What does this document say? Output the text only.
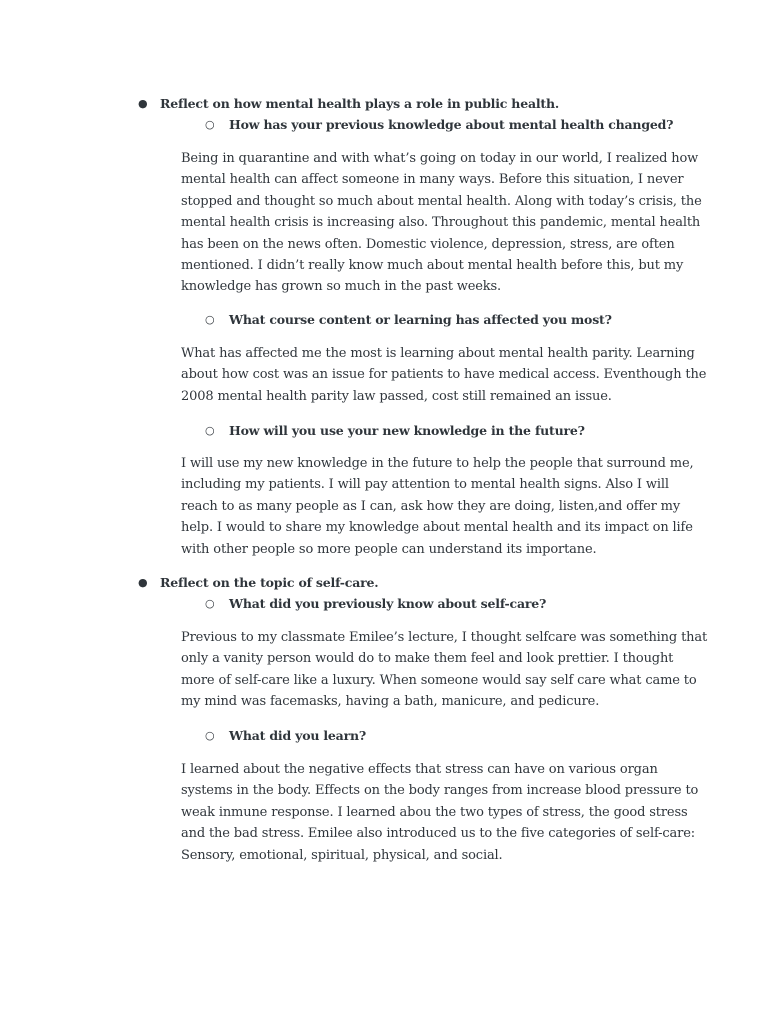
● Reflect on how mental health plays a role in public health.
○ How has your previous knowledge about mental health changed?
Being in quarantine and with what’s going on today in our world, I realized how
mental health can affect someone in many ways. Before this situation, I never
stopped and thought so much about mental health. Along with today’s crisis, the
mental health crisis is increasing also. Throughout this pandemic, mental health
has been on the news often. Domestic violence, depression, stress, are often
mentioned. I didn’t really know much about mental health before this, but my
knowledge has grown so much in the past weeks.
○ What course content or learning has affected you most?
What has affected me the most is learning about mental health parity. Learning
about how cost was an issue for patients to have medical access. Eventhough the
2008 mental health parity law passed, cost still remained an issue.
○ How will you use your new knowledge in the future?
I will use my new knowledge in the future to help the people that surround me,
including my patients. I will pay attention to mental health signs. Also I will
reach to as many people as I can, ask how they are doing, listen,and offer my
help. I would to share my knowledge about mental health and its impact on life
with other people so more people can understand its importane.
● Reflect on the topic of self-care.
○ What did you previously know about self-care?
Previous to my classmate Emilee’s lecture, I thought selfcare was something that
only a vanity person would do to make them feel and look prettier. I thought
more of self-care like a luxury. When someone would say self care what came to
my mind was facemasks, having a bath, manicure, and pedicure.
○ What did you learn?
I learned about the negative effects that stress can have on various organ
systems in the body. Effects on the body ranges from increase blood pressure to
weak inmune response. I learned abou the two types of stress, the good stress
and the bad stress. Emilee also introduced us to the five categories of self-care:
Sensory, emotional, spiritual, physical, and social.
